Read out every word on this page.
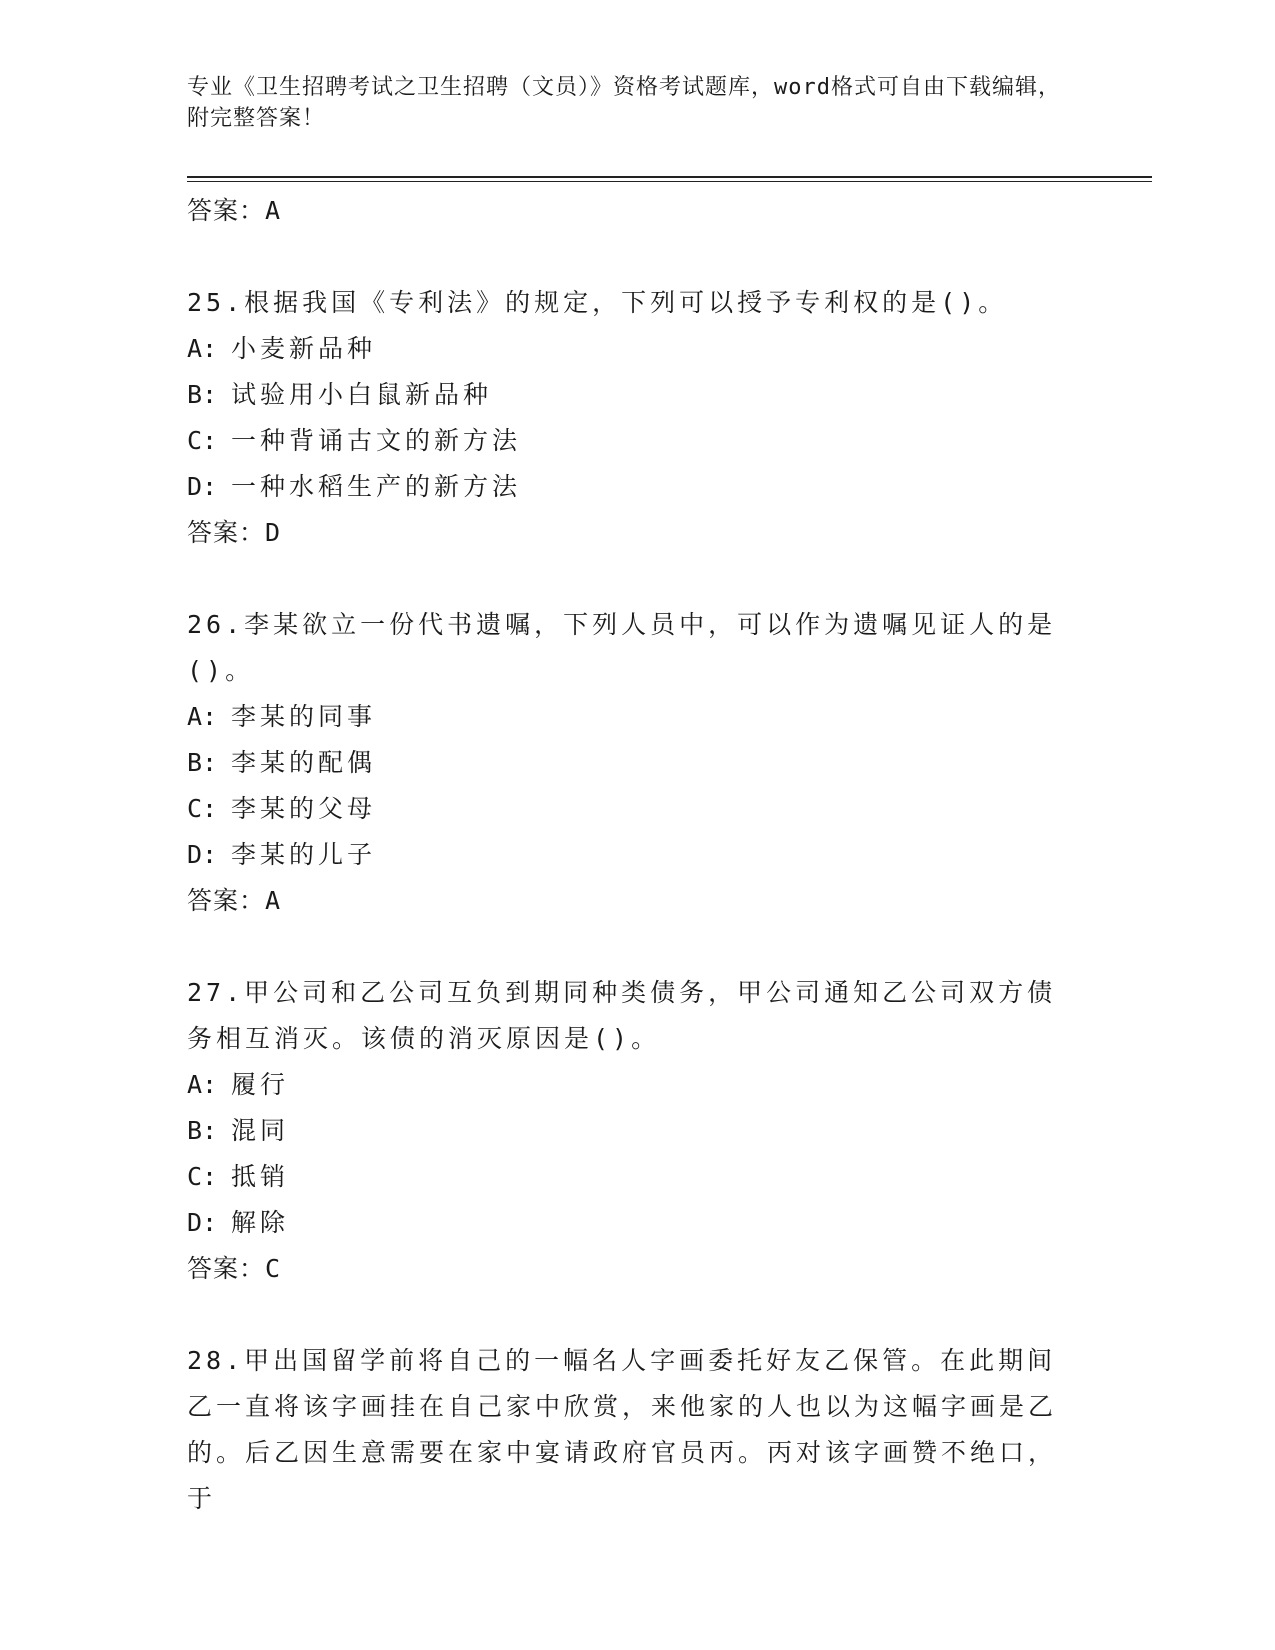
专业《卫生招聘考试之卫生招聘（文员）》资格考试题库，word格式可自由下载编辑，附完整答案！
答案：A
25.根据我国《专利法》的规定，下列可以授予专利权的是()。
A: 小麦新品种
B: 试验用小白鼠新品种
C: 一种背诵古文的新方法
D: 一种水稻生产的新方法
答案：D
26.李某欲立一份代书遗嘱，下列人员中，可以作为遗嘱见证人的是()。
A: 李某的同事
B: 李某的配偶
C: 李某的父母
D: 李某的儿子
答案：A
27.甲公司和乙公司互负到期同种类债务，甲公司通知乙公司双方债务相互消灭。该债的消灭原因是()。
A: 履行
B: 混同
C: 抵销
D: 解除
答案：C
28.甲出国留学前将自己的一幅名人字画委托好友乙保管。在此期间乙一直将该字画挂在自己家中欣赏，来他家的人也以为这幅字画是乙的。后乙因生意需要在家中宴请政府官员丙。丙对该字画赞不绝口，于
